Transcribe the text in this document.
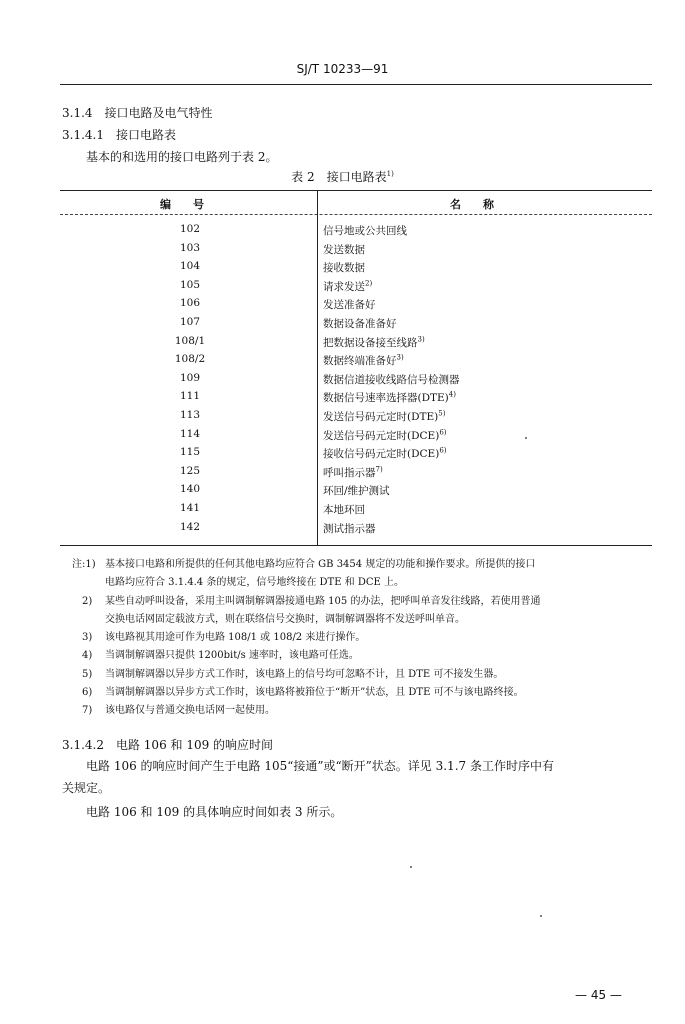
SJ/T 10233—91
3.1.4　接口电路及电气特性
3.1.4.1　接口电路表
基本的和选用的接口电路列于表 2。
表 2　接口电路表$^{1)}$
编　　号	名　　称
102	信号地或公共回线
103	发送数据
104	接收数据
105	请求发送$^{2)}$
106	发送准备好
107	数据设备准备好
108/1	把数据设备接至线路$^{3)}$
108/2	数据终端准备好$^{3)}$
109	数据信道接收线路信号检测器
111	数据信号速率选择器(DTE)$^{4)}$
113	发送信号码元定时(DTE)$^{5)}$
114	发送信号码元定时(DCE)$^{6)}$
115	接收信号码元定时(DCE)$^{6)}$
125	呼叫指示器$^{7)}$
140	环回/维护测试
141	本地环回
142	测试指示器
注:1) 基本接口电路和所提供的任何其他电路均应符合 GB 3454 规定的功能和操作要求。所提供的接口
电路均应符合 3.1.4.4 条的规定，信号地终接在 DTE 和 DCE 上。
2) 某些自动呼叫设备，采用主叫调制解调器接通电路 105 的办法，把呼叫单音发往线路，若使用普通
交换电话网固定载波方式，则在联络信号交换时，调制解调器将不发送呼叫单音。
3) 该电路视其用途可作为电路 108/1 或 108/2 来进行操作。
4) 当调制解调器只提供 1200bit/s 速率时，该电路可任选。
5) 当调制解调器以异步方式工作时，该电路上的信号均可忽略不计，且 DTE 可不接发生器。
6) 当调制解调器以异步方式工作时，该电路将被箝位于“断开”状态，且 DTE 可不与该电路终接。
7) 该电路仅与普通交换电话网一起使用。
3.1.4.2　电路 106 和 109 的响应时间
电路 106 的响应时间产生于电路 105“接通”或“断开”状态。详见 3.1.7 条工作时序中有
关规定。
电路 106 和 109 的具体响应时间如表 3 所示。
— 45 —
